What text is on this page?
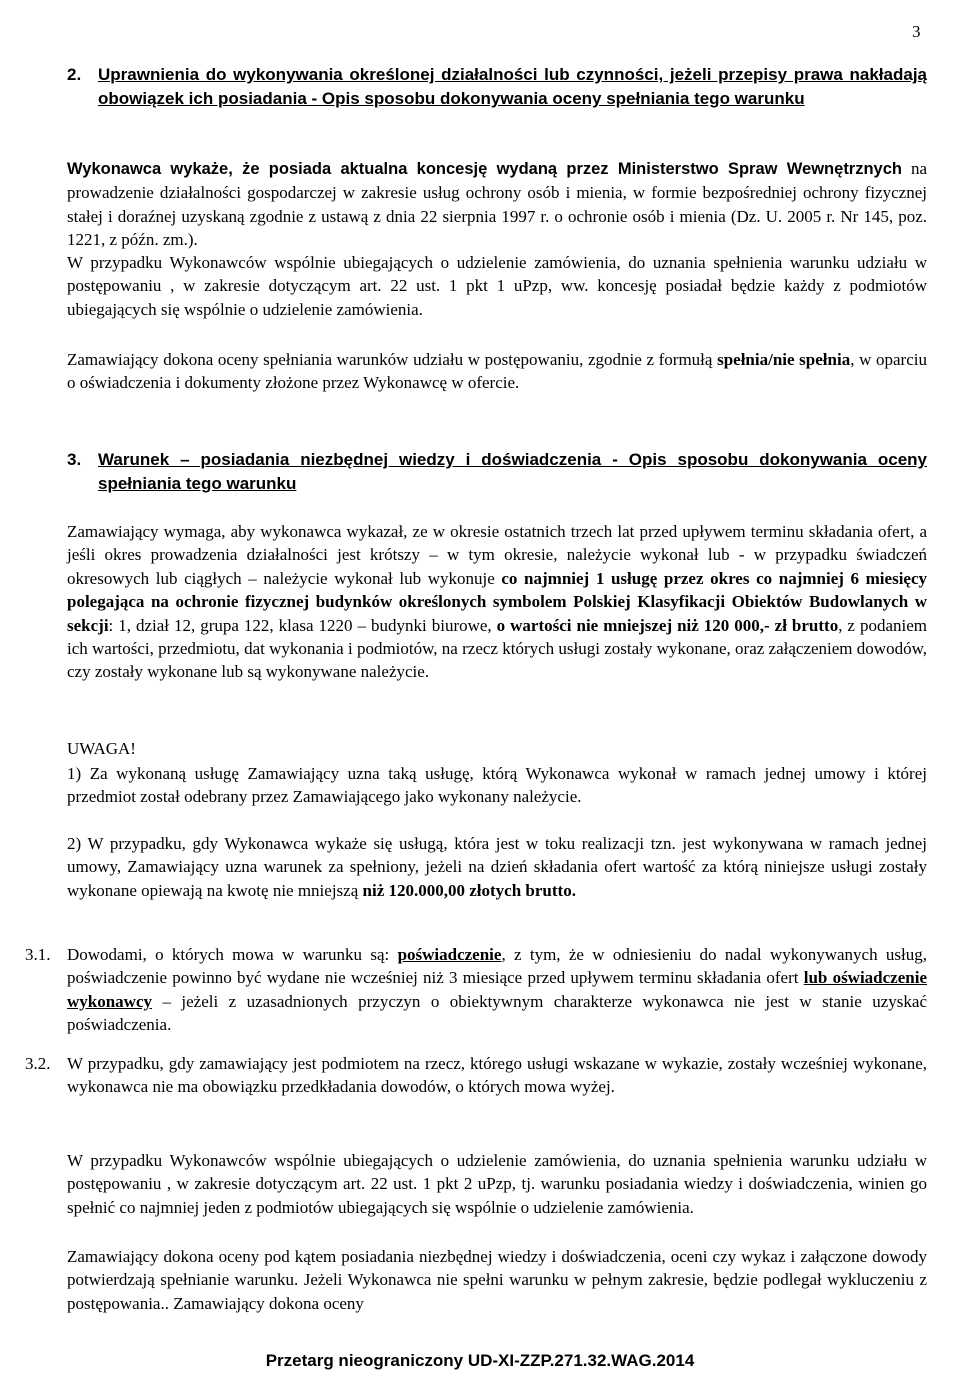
3
2. Uprawnienia do wykonywania określonej działalności lub czynności, jeżeli przepisy prawa nakładają obowiązek ich posiadania - Opis sposobu dokonywania oceny spełniania tego warunku
Wykonawca wykaże, że posiada aktualna koncesję wydaną przez Ministerstwo Spraw Wewnętrznych na prowadzenie działalności gospodarczej w zakresie usług ochrony osób i mienia, w formie bezpośredniej ochrony fizycznej stałej i doraźnej uzyskaną zgodnie z ustawą z dnia 22 sierpnia 1997 r. o ochronie osób i mienia (Dz. U. 2005 r. Nr 145, poz. 1221, z późn. zm.).
W przypadku Wykonawców wspólnie ubiegających o udzielenie zamówienia, do uznania spełnienia warunku udziału w postępowaniu , w zakresie dotyczącym art. 22 ust. 1 pkt 1 uPzp, ww. koncesję posiadał będzie każdy z podmiotów ubiegających się wspólnie o udzielenie zamówienia.
Zamawiający dokona oceny spełniania warunków udziału w postępowaniu, zgodnie z formułą spełnia/nie spełnia, w oparciu o oświadczenia i dokumenty złożone przez Wykonawcę w ofercie.
3. Warunek – posiadania niezbędnej wiedzy i doświadczenia - Opis sposobu dokonywania oceny spełniania tego warunku
Zamawiający wymaga, aby wykonawca wykazał, ze w okresie ostatnich trzech lat przed upływem terminu składania ofert, a jeśli okres prowadzenia działalności jest krótszy – w tym okresie, należycie wykonał lub - w przypadku świadczeń okresowych lub ciągłych – należycie wykonał lub wykonuje co najmniej 1 usługę przez okres co najmniej 6 miesięcy polegająca na ochronie fizycznej budynków określonych symbolem Polskiej Klasyfikacji Obiektów Budowlanych w sekcji: 1, dział 12, grupa 122, klasa 1220 – budynki biurowe, o wartości nie mniejszej niż 120 000,- zł brutto, z podaniem ich wartości, przedmiotu, dat wykonania i podmiotów, na rzecz których usługi zostały wykonane, oraz załączeniem dowodów, czy zostały wykonane lub są wykonywane należycie.
UWAGA!
1) Za wykonaną usługę Zamawiający uzna taką usługę, którą Wykonawca wykonał w ramach jednej umowy i której przedmiot został odebrany przez Zamawiającego jako wykonany należycie.
2) W przypadku, gdy Wykonawca wykaże się usługą, która jest w toku realizacji tzn. jest wykonywana w ramach jednej umowy, Zamawiający uzna warunek za spełniony, jeżeli na dzień składania ofert wartość za którą niniejsze usługi zostały wykonane opiewają na kwotę nie mniejszą niż 120.000,00 złotych brutto.
3.1. Dowodami, o których mowa w warunku są: poświadczenie, z tym, że w odniesieniu do nadal wykonywanych usług, poświadczenie powinno być wydane nie wcześniej niż 3 miesiące przed upływem terminu składania ofert lub oświadczenie wykonawcy – jeżeli z uzasadnionych przyczyn o obiektywnym charakterze wykonawca nie jest w stanie uzyskać poświadczenia.
3.2. W przypadku, gdy zamawiający jest podmiotem na rzecz, którego usługi wskazane w wykazie, zostały wcześniej wykonane, wykonawca nie ma obowiązku przedkładania dowodów, o których mowa wyżej.
W przypadku Wykonawców wspólnie ubiegających o udzielenie zamówienia, do uznania spełnienia warunku udziału w postępowaniu , w zakresie dotyczącym art. 22 ust. 1 pkt 2 uPzp, tj. warunku posiadania wiedzy i doświadczenia, winien go spełnić co najmniej jeden z podmiotów ubiegających się wspólnie o udzielenie zamówienia.
Zamawiający dokona oceny pod kątem posiadania niezbędnej wiedzy i doświadczenia, oceni czy wykaz i załączone dowody potwierdzają spełnianie warunku. Jeżeli Wykonawca nie spełni warunku w pełnym zakresie, będzie podlegał wykluczeniu z postępowania.. Zamawiający dokona oceny
Przetarg nieograniczony UD-XI-ZZP.271.32.WAG.2014
